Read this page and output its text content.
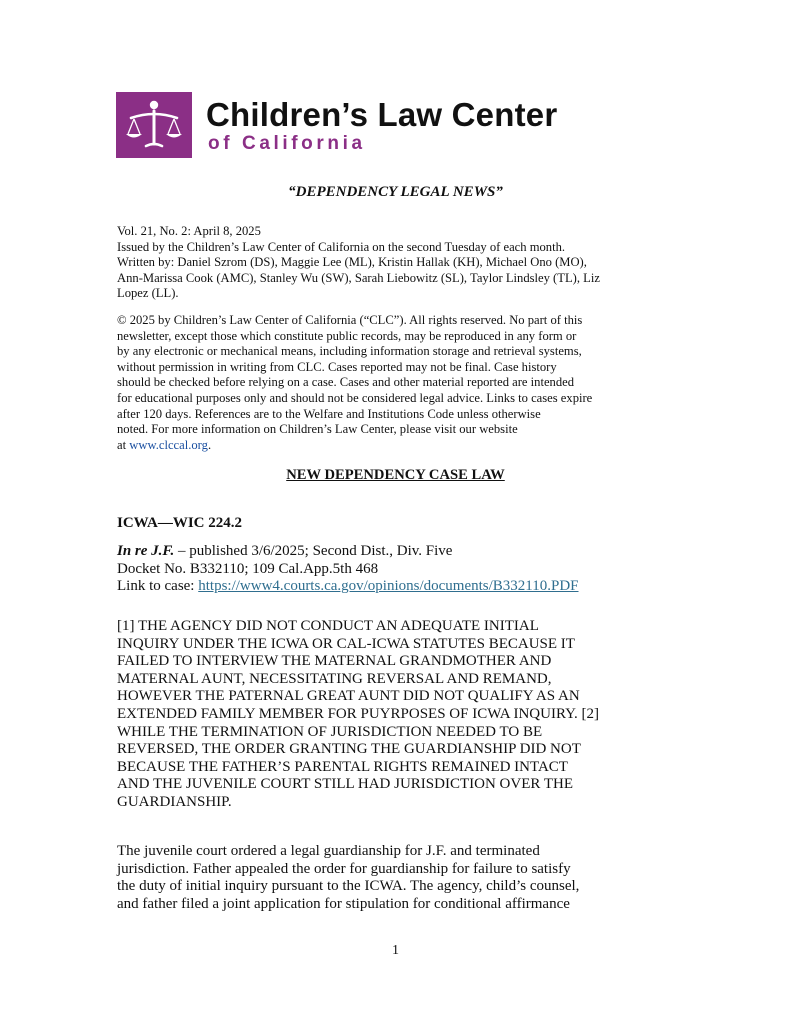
Children’s Law Center
of California
“DEPENDENCY LEGAL NEWS”
Vol. 21, No. 2: April 8, 2025
Issued by the Children’s Law Center of California on the second Tuesday of each month.
Written by: Daniel Szrom (DS), Maggie Lee (ML), Kristin Hallak (KH), Michael Ono (MO),
Ann-Marissa Cook (AMC), Stanley Wu (SW), Sarah Liebowitz (SL), Taylor Lindsley (TL), Liz
Lopez (LL).
© 2025 by Children’s Law Center of California (“CLC”). All rights reserved. No part of this
newsletter, except those which constitute public records, may be reproduced in any form or
by any electronic or mechanical means, including information storage and retrieval systems,
without permission in writing from CLC. Cases reported may not be final. Case history
should be checked before relying on a case. Cases and other material reported are intended
for educational purposes only and should not be considered legal advice. Links to cases expire
after 120 days. References are to the Welfare and Institutions Code unless otherwise
noted. For more information on Children’s Law Center, please visit our website
at www.clccal.org.
NEW DEPENDENCY CASE LAW
ICWA—WIC 224.2
In re J.F. – published 3/6/2025; Second Dist., Div. Five
Docket No. B332110; 109 Cal.App.5th 468
Link to case: https://www4.courts.ca.gov/opinions/documents/B332110.PDF
[1] THE AGENCY DID NOT CONDUCT AN ADEQUATE INITIAL
INQUIRY UNDER THE ICWA OR CAL-ICWA STATUTES BECAUSE IT
FAILED TO INTERVIEW THE MATERNAL GRANDMOTHER AND
MATERNAL AUNT, NECESSITATING REVERSAL AND REMAND,
HOWEVER THE PATERNAL GREAT AUNT DID NOT QUALIFY AS AN
EXTENDED FAMILY MEMBER FOR PUYRPOSES OF ICWA INQUIRY. [2]
WHILE THE TERMINATION OF JURISDICTION NEEDED TO BE
REVERSED, THE ORDER GRANTING THE GUARDIANSHIP DID NOT
BECAUSE THE FATHER’S PARENTAL RIGHTS REMAINED INTACT
AND THE JUVENILE COURT STILL HAD JURISDICTION OVER THE
GUARDIANSHIP.
The juvenile court ordered a legal guardianship for J.F. and terminated
jurisdiction. Father appealed the order for guardianship for failure to satisfy
the duty of initial inquiry pursuant to the ICWA. The agency, child’s counsel,
and father filed a joint application for stipulation for conditional affirmance
1
